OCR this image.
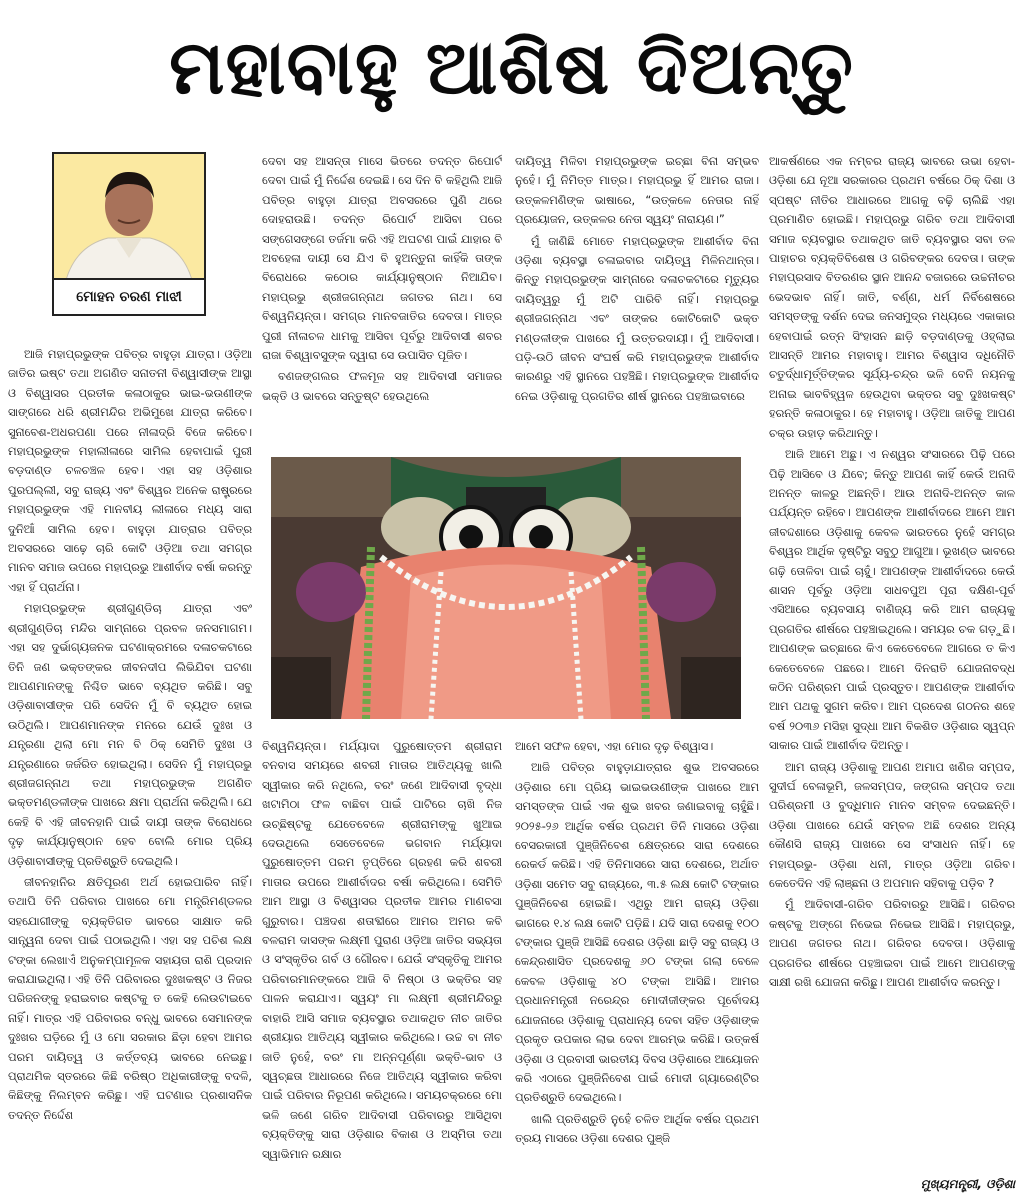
ମହାବାହୁ ଆଶିଷ ଦିଅନ୍ତୁ
ମୋହନ ଚରଣ ମାଝୀ

ଆଜି ମହାପ୍ରଭୁଙ୍କ ପବିତ୍ର ବାହୁଡ଼ା ଯାତ୍ରା। ଓଡ଼ିଆ ଜାତିର ଇଷ୍ଟ ତଥା ଅଗଣିତ ସନାତନୀ ବିଶ୍ୱାସୀଙ୍କ ଆସ୍ଥା ଓ ବିଶ୍ୱାସର ପ୍ରତୀକ କଳାଠାକୁର ଭାଇ-ଭଉଣୀଙ୍କ ସାଙ୍ଗରେ ଧରି ଶ୍ରୀମନ୍ଦିର ଅଭିମୁଖେ ଯାତ୍ରା କରିବେ। ସୁନାବେଶ-ଅଧରପଣା ପରେ ନୀଳାଦ୍ରି ବିଜେ କରିବେ। ମହାପ୍ରଭୁଙ୍କ ମହାଲୀଳାରେ ସାମିଲ ହେବାପାଇଁ ପୁରୀ ବଡ଼ଦାଣ୍ଡ ଚଳଚଞ୍ଚଳ ହେବ। ଏହା ସହ ଓଡ଼ିଶାର ପୁରପଲ୍ଲୀ, ସବୁ ରାଜ୍ୟ ଏବଂ ବିଶ୍ୱର ଅନେକ ରାଷ୍ଟ୍ରରେ ମହାପ୍ରଭୁଙ୍କ ଏହି ମାନବୀୟ ଲୀଳାରେ ମଧ୍ୟ ସାରା ଦୁନିଆଁ ସାମିଲ ହେବ। ବାହୁଡ଼ା ଯାତ୍ରାର ପବିତ୍ର ଅବସରରେ ସାଢ଼େ ଚାରି କୋଟି ଓଡ଼ିଆ ତଥା ସମଗ୍ର ମାନବ ସମାଜ ଉପରେ ମହାପ୍ରଭୁ ଆଶୀର୍ବାଦ ବର୍ଷା କରନ୍ତୁ ଏହା ହିଁ ପ୍ରାର୍ଥନା।

ମହାପ୍ରଭୁଙ୍କ ଶ୍ରୀଗୁଣ୍ଡିଚା ଯାତ୍ରା ଏବଂ ଶ୍ରୀଗୁଣ୍ଡିଚା ମନ୍ଦିର ସାମ୍ନାରେ ପ୍ରବଳ ଜନସମାଗମ। ଏହା ସହ ଦୁର୍ଭାଗ୍ୟଜନକ ଘଟଣାକ୍ରମରେ ଦଳାଚକଟାରେ ତିନି ଜଣ ଭକ୍ତଙ୍କର ଜୀବନଦୀପ ଲିଭିଯିବା ଘଟଣା ଆପଣମାନଙ୍କୁ ନିଶ୍ଚିତ ଭାବେ ବ୍ୟଥିତ କରିଛି। ସବୁ ଓଡ଼ିଶାବାସୀଙ୍କ ପରି ସେଦିନ ମୁଁ ବି ବ୍ୟଥିତ ହୋଇ ଉଠିଥିଲି। ଆପଣମାନଙ୍କ ମନରେ ଯେଉଁ ଦୁଃଖ ଓ ଯନ୍ତ୍ରଣା ଥିଲା ମୋ ମନ ବି ଠିକ୍ ସେମିତି ଦୁଃଖ ଓ ଯନ୍ତ୍ରଣାରେ ଜର୍ଜରିତ ହୋଇଥିଲା। ସେଦିନ ମୁଁ ମହାପ୍ରଭୁ ଶ୍ରୀଜଗନ୍ନାଥ ତଥା ମହାପ୍ରଭୁଙ୍କ ଅଗଣିତ ଭକ୍ତମଣ୍ଡଳୀଙ୍କ ପାଖରେ କ୍ଷମା ପ୍ରାର୍ଥନା କରିଥିଲି। ଯେ କେହି ବି ଏହି ଜୀବନହାନି ପାଇଁ ଦାୟୀ ତାଙ୍କ ବିରୋଧରେ ଦୃଢ଼ କାର୍ଯ୍ୟାନୁଷ୍ଠାନ ହେବ ବୋଲି ମୋର ପ୍ରିୟ ଓଡ଼ିଶାବାସୀଙ୍କୁ ପ୍ରତିଶ୍ରୁତି ଦେଇଥିଲି।

ଜୀବନହାନିର କ୍ଷତିପୂରଣ ଅର୍ଥ ହୋଇପାରିବ ନାହିଁ। ତଥାପି ତିନି ପରିବାର ପାଖରେ ମୋ ମନ୍ତ୍ରିମଣ୍ଡଳର ସହଯୋଗୀଙ୍କୁ ବ୍ୟକ୍ତିଗତ ଭାବରେ ସାକ୍ଷାତ କରି ସାନ୍ତ୍ୱନା ଦେବା ପାଇଁ ପଠାଇଥିଲି। ଏହା ସହ ପଚିଶ ଲକ୍ଷ ଟଙ୍କା ଲେଖାଏଁ ଅନୁକମ୍ପାମୂଳକ ସହାୟତା ରାଶି ପ୍ରଦାନ କରାଯାଇଥିଲା। ଏହି ତିନି ପରିବାରର ଦୁଃଖକଷ୍ଟ ଓ ନିଜର ପରିଜନଙ୍କୁ ହରାଇବାର କଷ୍ଟକୁ ତ କେହି ଲେଉଟାଇବେ ନାହିଁ। ମାତ୍ର ଏହି ପରିବାରର ବନ୍ଧୁ ଭାବରେ ସେମାନଙ୍କ ଦୁଃଖର ଘଡ଼ିରେ ମୁଁ ଓ ମୋ ସରକାର ଛିଡ଼ା ହେବା ଆମର ପରମ ଦାୟିତ୍ୱ ଓ କର୍ତ୍ତବ୍ୟ ଭାବରେ ନେଇଛୁ। ପ୍ରାଥମିକ ସ୍ତରରେ କିଛି ବରିଷ୍ଠ ଅଧିକାରୀଙ୍କୁ ବଦଳି, କିଛିଙ୍କୁ ନିଲମ୍ବନ କରିଛୁ। ଏହି ଘଟଣାର ପ୍ରଶାସନିକ ତଦନ୍ତ ନିର୍ଦ୍ଦେଶ

ଦେବା ସହ ଆସନ୍ତା ମାସେ ଭିତରେ ତଦନ୍ତ ରିପୋର୍ଟ ଦେବା ପାଇଁ ମୁଁ ନିର୍ଦ୍ଦେଶ ଦେଇଛି। ସେ ଦିନ ବି କହିଥିଲି ଆଜି ପବିତ୍ର ବାହୁଡ଼ା ଯାତ୍ରା ଅବସରରେ ପୁଣି ଥରେ ଦୋହରାଉଛି। ତଦନ୍ତ ରିପୋର୍ଟ ଆସିବା ପରେ ସଙ୍ଗେସଙ୍ଗେ ତର୍ଜମା କରି ଏହି ଅଘଟଣ ପାଇଁ ଯାହାର ବି ଅବହେଳା ଦାୟୀ ସେ ଯିଏ ବି ହୁଅନ୍ତୁନା କାହିଁକି ତାଙ୍କ ବିରୋଧରେ କଠୋର କାର୍ଯ୍ୟାନୁଷ୍ଠାନ ନିଆଯିବ। ମହାପ୍ରଭୁ ଶ୍ରୀଜଗନ୍ନାଥ ଜଗତର ନାଥ। ସେ ବିଶ୍ୱନିୟନ୍ତା। ସମଗ୍ର ମାନବଜାତିର ଦେବତା। ମାତ୍ର ପୁରୀ ନୀଳାଚଳ ଧାମକୁ ଆସିବା ପୂର୍ବରୁ ଆଦିବାସୀ ଶବର ରାଜା ବିଶ୍ୱାବସୁଙ୍କ ଦ୍ୱାରା ସେ ଉପାସିତ ପୂଜିତ।

ବଣଜଙ୍ଗଲର ଫଳମୂଳ ସହ ଆଦିବାସୀ ସମାଜର ଭକ୍ତି ଓ ଭାବରେ ସନ୍ତୁଷ୍ଟ ହେଉଥିଲେ

ଦାୟିତ୍ୱ ମିଳିବା ମହାପ୍ରଭୁଙ୍କ ଇଚ୍ଛା ବିନା ସମ୍ଭବ ନୁହେଁ। ମୁଁ ନିମିତ୍ତ ମାତ୍ର। ମହାପ୍ରଭୁ ହିଁ ଆମର ରାଜା। ଉତ୍କଳମଣିଙ୍କ ଭାଷାରେ, “ଉତ୍କଳେ ନେତାର ନାହିଁ ପ୍ରୟୋଜନ, ଉତ୍କଳର ନେତା ସ୍ୱୟଂ ନାରାୟଣ।”

ମୁଁ ଜାଣିଛି ମୋତେ ମହାପ୍ରଭୁଙ୍କ ଆଶୀର୍ବାଦ ବିନା ଓଡ଼ିଶା ବ୍ୟବସ୍ଥା ଚଳାଇବାର ଦାୟିତ୍ୱ ମିଳିନଥାନ୍ତା। କିନ୍ତୁ ମହାପ୍ରଭୁଙ୍କ ସାମ୍ନାରେ ଦଳାଚକଟାରେ ମୃତ୍ୟୁର ଦାୟିତ୍ୱରୁ ମୁଁ ଅଟି ପାରିବି ନାହିଁ। ମହାପ୍ରଭୁ ଶ୍ରୀଜଗନ୍ନାଥ ଏବଂ ତାଙ୍କର କୋଟିକୋଟି ଭକ୍ତ ମଣ୍ଡଳୀଙ୍କ ପାଖରେ ମୁଁ ଉତ୍ତରଦାୟୀ। ମୁଁ ଆଦିବାସୀ। ପଡ଼ି-ଉଠି ଜୀବନ ସଂଘର୍ଷ କରି ମହାପ୍ରଭୁଙ୍କ ଆଶୀର୍ବାଦ କାରଣରୁ ଏହି ସ୍ଥାନରେ ପହଞ୍ଚିଛି। ମହାପ୍ରଭୁଙ୍କ ଆଶୀର୍ବାଦ ନେଇ ଓଡ଼ିଶାକୁ ପ୍ରଗତିର ଶୀର୍ଷ ସ୍ଥାନରେ ପହଞ୍ଚାଇବାରେ

ବିଶ୍ୱନିୟନ୍ତା। ମର୍ଯ୍ୟାଦା ପୁରୁଷୋତ୍ତମ ଶ୍ରୀରାମ ବନବାସ ସମୟରେ ଶବରୀ ମାତାର ଆତିଥ୍ୟକୁ ଖାଲି ସ୍ୱୀକାର କରି ନଥିଲେ, ବରଂ ଜଣେ ଆଦିବାସୀ ବୃଦ୍ଧା ଖଟାମିଠା ଫଳ ବାଛିବା ପାଇଁ ପାଟିରେ ଚାଖି ନିଜ ଉଚ୍ଛିଷ୍ଟକୁ ଯେତେବେଳେ ଶ୍ରୀରାମଙ୍କୁ ଖୁଆଇ ଦେଉଥିଲେ ସେତେବେଳେ ଭଗବାନ ମର୍ଯ୍ୟାଦା ପୁରୁଷୋତ୍ତମ ପରମ ତୃପ୍ତିରେ ଗ୍ରହଣ କରି ଶବରୀ ମାତାର ଉପରେ ଆଶୀର୍ବାଦର ବର୍ଷା କରିଥିଲେ। ସେମିତି ଆମ ଆସ୍ଥା ଓ ବିଶ୍ୱାସର ପ୍ରତୀକ ଆମର ମାଣବସା ଗୁରୁବାର। ପଞ୍ଚଦଶ ଶତାବ୍ଦୀରେ ଆମର ଅମର କବି ବଳରାମ ଦାସଙ୍କ ଲକ୍ଷ୍ମୀ ପୁରାଣ ଓଡ଼ିଆ ଜାତିର ସଭ୍ୟତା ଓ ସଂସ୍କୃତିର ଗର୍ବ ଓ ଗୌରବ। ଯେଉଁ ସଂସ୍କୃତିକୁ ଆମର ପରିବାରମାନଙ୍କରେ ଆଜି ବି ନିଷ୍ଠା ଓ ଭକ୍ତିର ସହ ପାଳନ କରାଯାଏ। ସ୍ୱୟଂ ମା ଲକ୍ଷ୍ମୀ ଶ୍ରୀମନ୍ଦିରରୁ ବାହାରି ଆସି ସମାଜ ବ୍ୟବସ୍ଥାର ତଥାକଥିତ ନୀଚ ଜାତିର ଶ୍ରୀୟାର ଆତିଥ୍ୟ ସ୍ୱୀକାର କରିଥିଲେ। ଉଚ୍ଚ ବା ନୀଚ ଜାତି ନୁହେଁ, ବରଂ ମା ଅନ୍ନପୂର୍ଣ୍ଣା ଭକ୍ତି-ଭାବ ଓ ସ୍ୱଚ୍ଛତା ଆଧାରରେ ନିଜେ ଆତିଥ୍ୟ ସ୍ୱୀକାର କରିବା ପାଇଁ ପରିବାର ନିରୂପଣ କରିଥିଲେ। ସମୟଚକ୍ରରେ ମୋ ଭଳି ଜଣେ ଗରିବ ଆଦିବାସୀ ପରିବାରରୁ ଆସିଥିବା ବ୍ୟକ୍ତିଙ୍କୁ ସାରା ଓଡ଼ିଶାର ବିକାଶ ଓ ଅସ୍ମିତା ତଥା ସ୍ୱାଭିମାନ ରକ୍ଷାର

ଆମେ ସଫଳ ହେବା, ଏହା ମୋର ଦୃଢ଼ ବିଶ୍ୱାସ।

ଆଜି ପବିତ୍ର ବାହୁଡ଼ାଯାତ୍ରାର ଶୁଭ ଅବସରରେ ଓଡ଼ିଶାର ମୋ ପ୍ରିୟ ଭାଇଭଉଣୀଙ୍କ ପାଖରେ ଆମ ସମସ୍ତଙ୍କ ପାଇଁ ଏକ ଶୁଭ ଖବର ଜଣାଇବାକୁ ଚାହୁଁଛି। ୨୦୨୫-୨୬ ଆର୍ଥିକ ବର୍ଷର ପ୍ରଥମ ତିନି ମାସରେ ଓଡ଼ିଶା ବେସରକାରୀ ପୁଞ୍ଜିନିବେଶ କ୍ଷେତ୍ରରେ ସାରା ଦେଶରେ ରେକର୍ଡ କରିଛି। ଏହି ତିନିମାସରେ ସାରା ଦେଶରେ, ଅର୍ଥାତ ଓଡ଼ିଶା ସମେତ ସବୁ ରାଜ୍ୟରେ, ୩.୫ ଲକ୍ଷ କୋଟି ଟଙ୍କାର ପୁଞ୍ଜିନିବେଶ ହୋଇଛି। ଏଥିରୁ ଆମ ରାଜ୍ୟ ଓଡ଼ିଶା ଭାଗରେ ୧.୪ ଲକ୍ଷ କୋଟି ପଡ଼ିଛି। ଯଦି ସାରା ଦେଶକୁ ୧୦୦ ଟଙ୍କାର ପୁଞ୍ଜି ଆସିଛି ଦେଶର ଓଡ଼ିଶା ଛାଡ଼ି ସବୁ ରାଜ୍ୟ ଓ କେନ୍ଦ୍ରଶାସିତ ପ୍ରଦେଶକୁ ୬୦ ଟଙ୍କା ଗଲା ବେଳେ କେବଳ ଓଡ଼ିଶାକୁ ୪୦ ଟଙ୍କା ଆସିଛି। ଆମର ପ୍ରଧାନମନ୍ତ୍ରୀ ନରେନ୍ଦ୍ର ମୋଦୀଜୀଙ୍କର ପୂର୍ବୋଦୟ ଯୋଜନାରେ ଓଡ଼ିଶାକୁ ପ୍ରାଧାନ୍ୟ ଦେବା ସହିତ ଓଡ଼ିଶାଙ୍କ ପ୍ରକୃତ ଉପକାର ଲାଭ ଦେବା ଆରମ୍ଭ କରିଛି। ଉତ୍କର୍ଷ ଓଡ଼ିଶା ଓ ପ୍ରବାସୀ ଭାରତୀୟ ଦିବସ ଓଡ଼ିଶାରେ ଆୟୋଜନ କରି ଏଠାରେ ପୁଞ୍ଜିନିବେଶ ପାଇଁ ମୋଦୀ ଗ୍ୟାରେଣ୍ଟିର ପ୍ରତିଶ୍ରୁତି ଦେଇଥିଲେ।

ଖାଲି ପ୍ରତିଶ୍ରୁତି ନୁହେଁ ଚଳିତ ଆର୍ଥିକ ବର୍ଷର ପ୍ରଥମ ତ୍ରୟ ମାସରେ ଓଡ଼ିଶା ଦେଶର ପୁଞ୍ଜି

ଆକର୍ଷଣରେ ଏକ ନମ୍ବର ରାଜ୍ୟ ଭାବରେ ଉଭା ହେବା- ଓଡ଼ିଶା ଯେ ନୂଆ ସରକାରର ପ୍ରଥମ ବର୍ଷରେ ଠିକ୍ ଦିଶା ଓ ସ୍ପଷ୍ଟ ନୀତିର ଆଧାରରେ ଆଗକୁ ବଢ଼ି ଚାଲିଛି ଏହା ପ୍ରମାଣିତ ହୋଇଛି। ମହାପ୍ରଭୁ ଗରିବ ତଥା ଆଦିବାସୀ ସମାଜ ବ୍ୟବସ୍ଥାର ତଥାକଥିତ ଜାତି ବ୍ୟବସ୍ଥାର ସବା ତଳ ପାହାଚର ବ୍ୟକ୍ତିବିଶେଷ ଓ ଗରିବଙ୍କର ଦେବତା। ତାଙ୍କ ମହାପ୍ରସାଦ ବିତରଣର ସ୍ଥାନ ଆନନ୍ଦ ବଜାରରେ ଉଚ୍ଚନୀଚର ଭେଦଭାବ ନାହିଁ। ଜାତି, ବର୍ଣ୍ଣ, ଧର୍ମ ନିର୍ବିଶେଷରେ ସମସ୍ତଙ୍କୁ ଦର୍ଶନ ଦେଇ ଜନସମୁଦ୍ର ମଧ୍ୟରେ ଏକାକାର ହେବାପାଇଁ ରତ୍ନ ସିଂହାସନ ଛାଡ଼ି ବଡ଼ଦାଣ୍ଡକୁ ଓହ୍ଲାଇ ଆସନ୍ତି ଆମର ମହାବାହୁ। ଆମର ବିଶ୍ୱାସ ଦଧିନୌତି ଚତୁର୍ଦ୍ଧାମୂର୍ତ୍ତିଙ୍କର ସୂର୍ଯ୍ୟ-ଚନ୍ଦ୍ର ଭଳି ବେନି ନୟନକୁ ଅନାଇ ଭାବବିହ୍ୱଳ ହେଉଥିବା ଭକ୍ତର ସବୁ ଦୁଃଖକଷ୍ଟ ହରନ୍ତି କଳାଠାକୁର। ହେ ମହାବାହୁ। ଓଡ଼ିଆ ଜାତିକୁ ଆପଣ ଚକ୍ର ଉହାଡ଼ କରିଥାନ୍ତୁ।

ଆଜି ଆମେ ଅଛୁ। ଏ ନଶ୍ୱର ସଂସାରରେ ପିଢ଼ି ପରେ ପିଢ଼ି ଆସିବେ ଓ ଯିବେ; କିନ୍ତୁ ଆପଣ କାହିଁ କେଉଁ ଅନାଦି ଅନନ୍ତ କାଳରୁ ଅଛନ୍ତି। ଆଉ ଅନାଦି-ଅନନ୍ତ କାଳ ପର୍ଯ୍ୟନ୍ତ ରହିବେ। ଆପଣଙ୍କ ଆଶୀର୍ବାଦରେ ଆମେ ଆମ ଜୀବଦ୍ଦଶାରେ ଓଡ଼ିଶାକୁ କେବଳ ଭାରତରେ ନୁହେଁ ସମଗ୍ର ବିଶ୍ୱର ଆର୍ଥିକ ଦୃଷ୍ଟିରୁ ସବୁଠୁ ଆଗୁଆ। ଭୂଖଣ୍ଡ ଭାବରେ ଗଢ଼ି ତୋଳିବା ପାଇଁ ଚାହୁଁ। ଆପଣଙ୍କ ଆଶୀର୍ବାଦରେ କେଉଁ ଶାସନ ପୂର୍ବରୁ ଓଡ଼ିଆ ସାଧବପୁଅ ପୂରା ଦକ୍ଷିଣ-ପୂର୍ବ ଏସିଆରେ ବ୍ୟବସାୟ ବାଣିଜ୍ୟ କରି ଆମ ରାଜ୍ୟକୁ ପ୍ରଗତିର ଶୀର୍ଷରେ ପହଞ୍ଚାଇଥିଲେ। ସମୟର ଚକ ଗଡ଼ୁଛି। ଆପଣଙ୍କ ଇଚ୍ଛାରେ କିଏ କେତେବେଳେ ଆଗରେ ତ କିଏ କେତେବେଳେ ପଛରେ। ଆମେ ଦିନରାତି ଯୋଜନାବଦ୍ଧ କଠିନ ପରିଶ୍ରମ ପାଇଁ ପ୍ରସ୍ତୁତ। ଆପଣଙ୍କ ଆଶୀର୍ବାଦ ଆମ ପଥକୁ ସୁଗମ କରିବ। ଆମ ପ୍ରଦେଶ ଗଠନର ଶହେ ବର୍ଷ ୨୦୩୬ ମସିହା ସୁଦ୍ଧା ଆମ ବିକଶିତ ଓଡ଼ିଶାର ସ୍ୱପ୍ନ ସାକାର ପାଇଁ ଆଶୀର୍ବାଦ ଦିଅନ୍ତୁ।

ଆମ ରାଜ୍ୟ ଓଡ଼ିଶାକୁ ଆପଣ ଅମାପ ଖଣିଜ ସମ୍ପଦ, ସୁଦୀର୍ଘ ବେଳାଭୂମି, ଜଳସମ୍ପଦ, ଜଙ୍ଗଲ ସମ୍ପଦ ତଥା ପରିଶ୍ରମୀ ଓ ବୁଦ୍ଧିମାନ ମାନବ ସମ୍ବଳ ଦେଇଛନ୍ତି। ଓଡ଼ିଶା ପାଖରେ ଯେଉଁ ସମ୍ବଳ ଅଛି ଦେଶର ଅନ୍ୟ କୌଣସି ରାଜ୍ୟ ପାଖରେ ସେ ସଂସାଧନ ନାହିଁ। ହେ ମହାପ୍ରଭୁ- ଓଡ଼ିଶା ଧନୀ, ମାତ୍ର ଓଡ଼ିଆ ଗରିବ। କେତେଦିନ ଏହି ଲାଞ୍ଛନା ଓ ଅପମାନ ସହିବାକୁ ପଡ଼ିବ ?

ମୁଁ ଆଦିବାସୀ-ଗରିବ ପରିବାରରୁ ଆସିଛି। ଗରିବର କଷ୍ଟକୁ ଅଙ୍ଗେ ନିଭେଇ ନିଭେଇ ଆସିଛି। ମହାପ୍ରଭୁ, ଆପଣ ଜଗତର ନାଥ। ଗରିବର ଦେବତା। ଓଡ଼ିଶାକୁ ପ୍ରଗତିର ଶୀର୍ଷରେ ପହଞ୍ଚାଇବା ପାଇଁ ଆମେ ଆପଣଙ୍କୁ ସାକ୍ଷୀ ରଖି ଯୋଜନା କରିଛୁ। ଆପଣ ଆଶୀର୍ବାଦ କରନ୍ତୁ।

ମୁଖ୍ୟମନ୍ତ୍ରୀ, ଓଡ଼ିଶା
